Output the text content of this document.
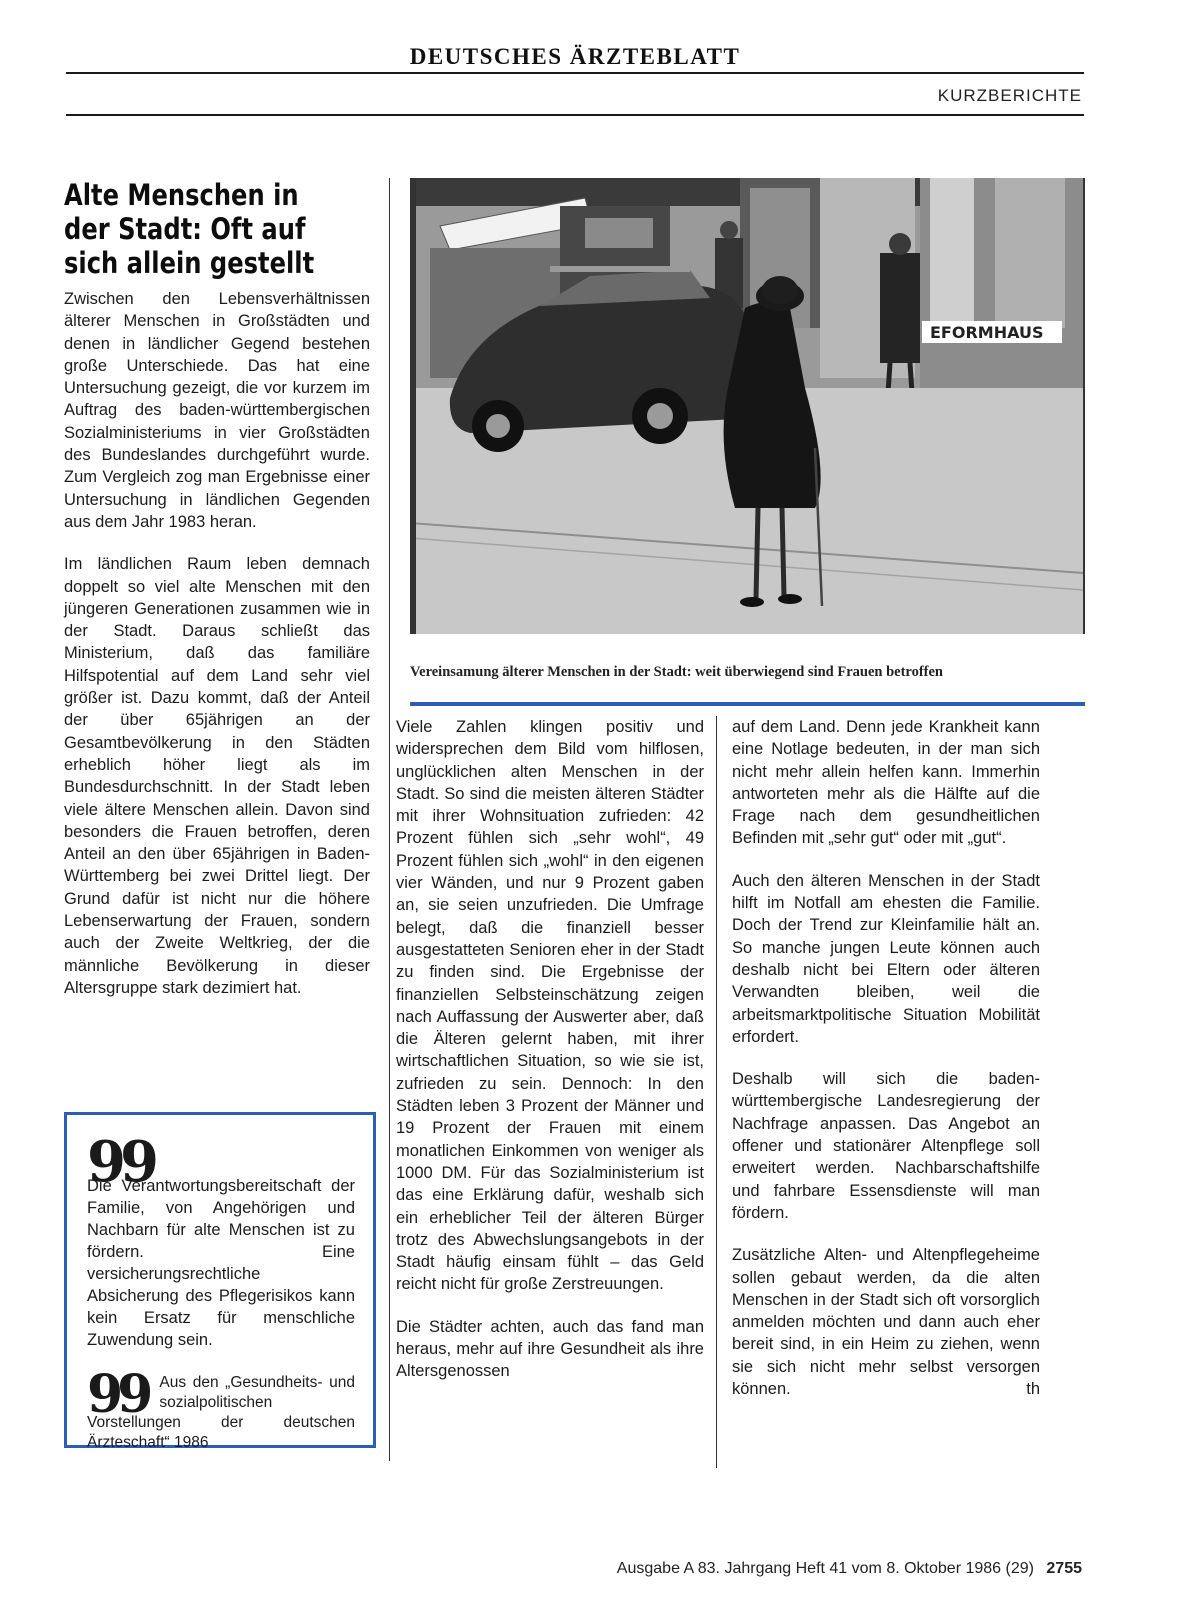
DEUTSCHES ÄRZTEBLATT
KURZBERICHTE
Alte Menschen in der Stadt: Oft auf sich allein gestellt

Zwischen den Lebensverhältnissen älterer Menschen in Großstädten und denen in ländlicher Gegend bestehen große Unterschiede. Das hat eine Untersuchung gezeigt, die vor kurzem im Auftrag des baden-württembergischen Sozialministeriums in vier Großstädten des Bundeslandes durchgeführt wurde. Zum Vergleich zog man Ergebnisse einer Untersuchung in ländlichen Gegenden aus dem Jahr 1983 heran.

Im ländlichen Raum leben demnach doppelt so viel alte Menschen mit den jüngeren Generationen zusammen wie in der Stadt. Daraus schließt das Ministerium, daß das familiäre Hilfspotential auf dem Land sehr viel größer ist. Dazu kommt, daß der Anteil der über 65jährigen an der Gesamtbevölkerung in den Städten erheblich höher liegt als im Bundesdurchschnitt. In der Stadt leben viele ältere Menschen allein. Davon sind besonders die Frauen betroffen, deren Anteil an den über 65jährigen in Baden-Württemberg bei zwei Drittel liegt. Der Grund dafür ist nicht nur die höhere Lebenserwartung der Frauen, sondern auch der Zweite Weltkrieg, der die männliche Bevölkerung in dieser Altersgruppe stark dezimiert hat.

99
Die Verantwortungsbereitschaft der Familie, von Angehörigen und Nachbarn für alte Menschen ist zu fördern. Eine versicherungsrechtliche Absicherung des Pflegerisikos kann kein Ersatz für menschliche Zuwendung sein.
99 Aus den „Gesundheits- und sozialpolitischen Vorstellungen der deutschen Ärzteschaft“ 1986
EFORMHAUS
Vereinsamung älterer Menschen in der Stadt: weit überwiegend sind Frauen betroffen

Viele Zahlen klingen positiv und widersprechen dem Bild vom hilflosen, unglücklichen alten Menschen in der Stadt. So sind die meisten älteren Städter mit ihrer Wohnsituation zufrieden: 42 Prozent fühlen sich „sehr wohl“, 49 Prozent fühlen sich „wohl“ in den eigenen vier Wänden, und nur 9 Prozent gaben an, sie seien unzufrieden. Die Umfrage belegt, daß die finanziell besser ausgestatteten Senioren eher in der Stadt zu finden sind. Die Ergebnisse der finanziellen Selbsteinschätzung zeigen nach Auffassung der Auswerter aber, daß die Älteren gelernt haben, mit ihrer wirtschaftlichen Situation, so wie sie ist, zufrieden zu sein. Dennoch: In den Städten leben 3 Prozent der Männer und 19 Prozent der Frauen mit einem monatlichen Einkommen von weniger als 1000 DM. Für das Sozialministerium ist das eine Erklärung dafür, weshalb sich ein erheblicher Teil der älteren Bürger trotz des Abwechslungsangebots in der Stadt häufig einsam fühlt – das Geld reicht nicht für große Zerstreuungen.

Die Städter achten, auch das fand man heraus, mehr auf ihre Gesundheit als ihre Altersgenossen

auf dem Land. Denn jede Krankheit kann eine Notlage bedeuten, in der man sich nicht mehr allein helfen kann. Immerhin antworteten mehr als die Hälfte auf die Frage nach dem gesundheitlichen Befinden mit „sehr gut“ oder mit „gut“.

Auch den älteren Menschen in der Stadt hilft im Notfall am ehesten die Familie. Doch der Trend zur Kleinfamilie hält an. So manche jungen Leute können auch deshalb nicht bei Eltern oder älteren Verwandten bleiben, weil die arbeitsmarktpolitische Situation Mobilität erfordert.

Deshalb will sich die baden-württembergische Landesregierung der Nachfrage anpassen. Das Angebot an offener und stationärer Altenpflege soll erweitert werden. Nachbarschaftshilfe und fahrbare Essensdienste will man fördern.

Zusätzliche Alten- und Altenpflegeheime sollen gebaut werden, da die alten Menschen in der Stadt sich oft vorsorglich anmelden möchten und dann auch eher bereit sind, in ein Heim zu ziehen, wenn sie sich nicht mehr selbst versorgen können.	th

Ausgabe A 83. Jahrgang Heft 41 vom 8. Oktober 1986 (29) 2755
